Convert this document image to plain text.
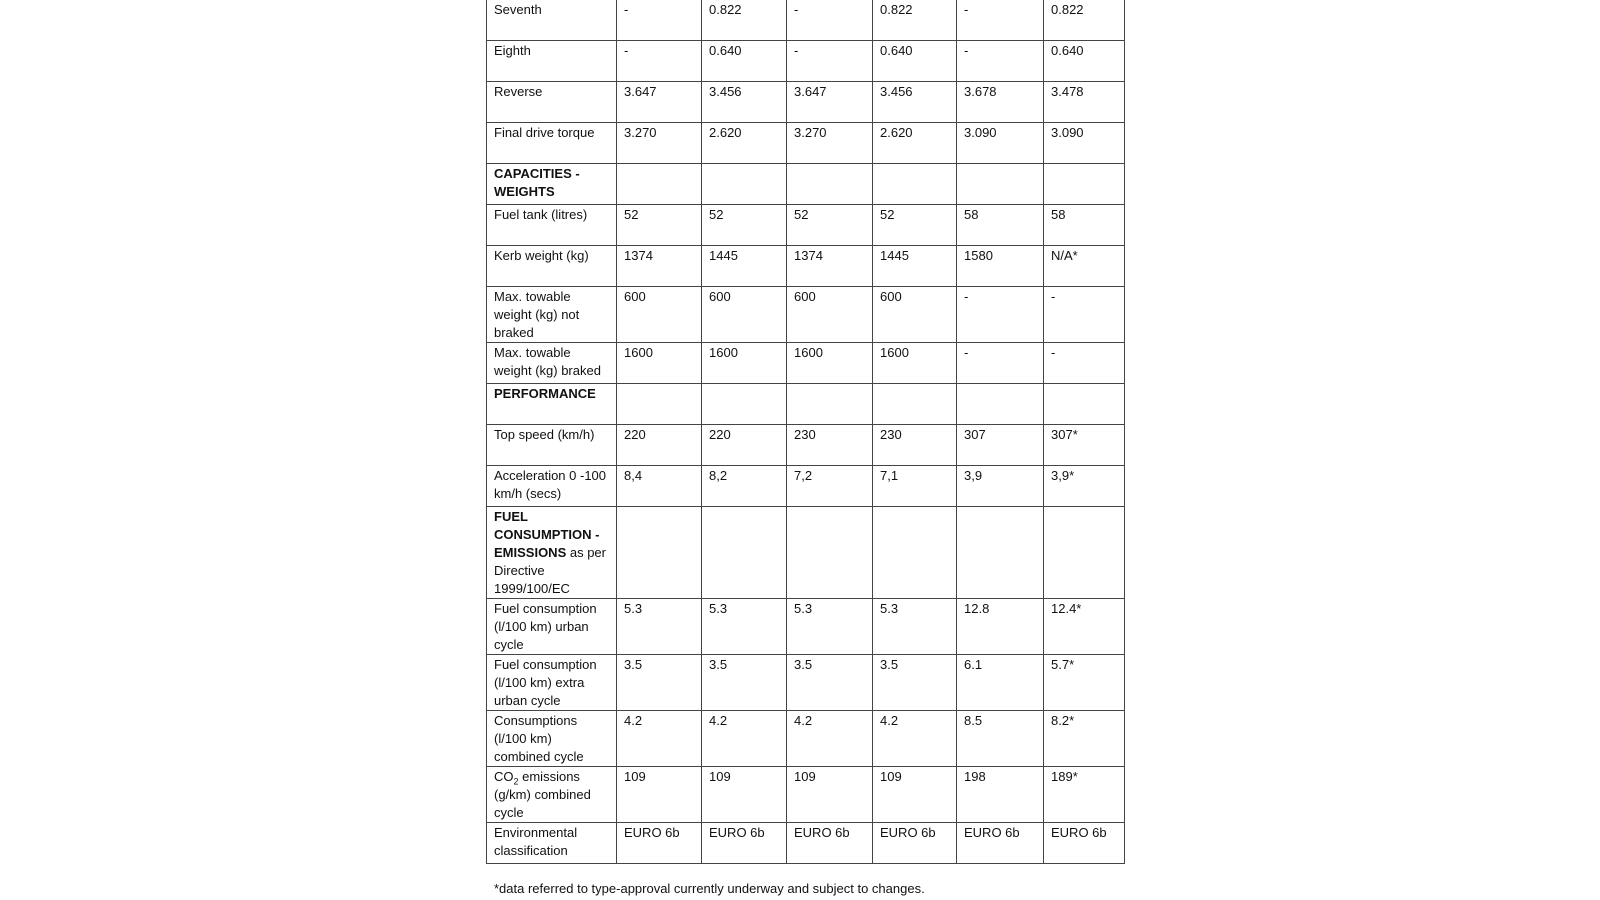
Seventh	-	0.822	-	0.822	-	0.822
Eighth	-	0.640	-	0.640	-	0.640
Reverse	3.647	3.456	3.647	3.456	3.678	3.478
Final drive torque	3.270	2.620	3.270	2.620	3.090	3.090
CAPACITIES - WEIGHTS						
Fuel tank (litres)	52	52	52	52	58	58
Kerb weight (kg)	1374	1445	1374	1445	1580	N/A*
Max. towable weight (kg) not braked	600	600	600	600	-	-
Max. towable weight (kg) braked	1600	1600	1600	1600	-	-
PERFORMANCE						
Top speed (km/h)	220	220	230	230	307	307*
Acceleration 0 -100 km/h (secs)	8,4	8,2	7,2	7,1	3,9	3,9*
FUEL CONSUMPTION - EMISSIONS as per Directive 1999/100/EC						
Fuel consumption (l/100 km) urban cycle	5.3	5.3	5.3	5.3	12.8	12.4*
Fuel consumption (l/100 km) extra urban cycle	3.5	3.5	3.5	3.5	6.1	5.7*
Consumptions (l/100 km) combined cycle	4.2	4.2	4.2	4.2	8.5	8.2*
$CO_2$ emissions (g/km) combined cycle	109	109	109	109	198	189*
Environmental classification	EURO 6b	EURO 6b	EURO 6b	EURO 6b	EURO 6b	EURO 6b
*data referred to type-approval currently underway and subject to changes.
